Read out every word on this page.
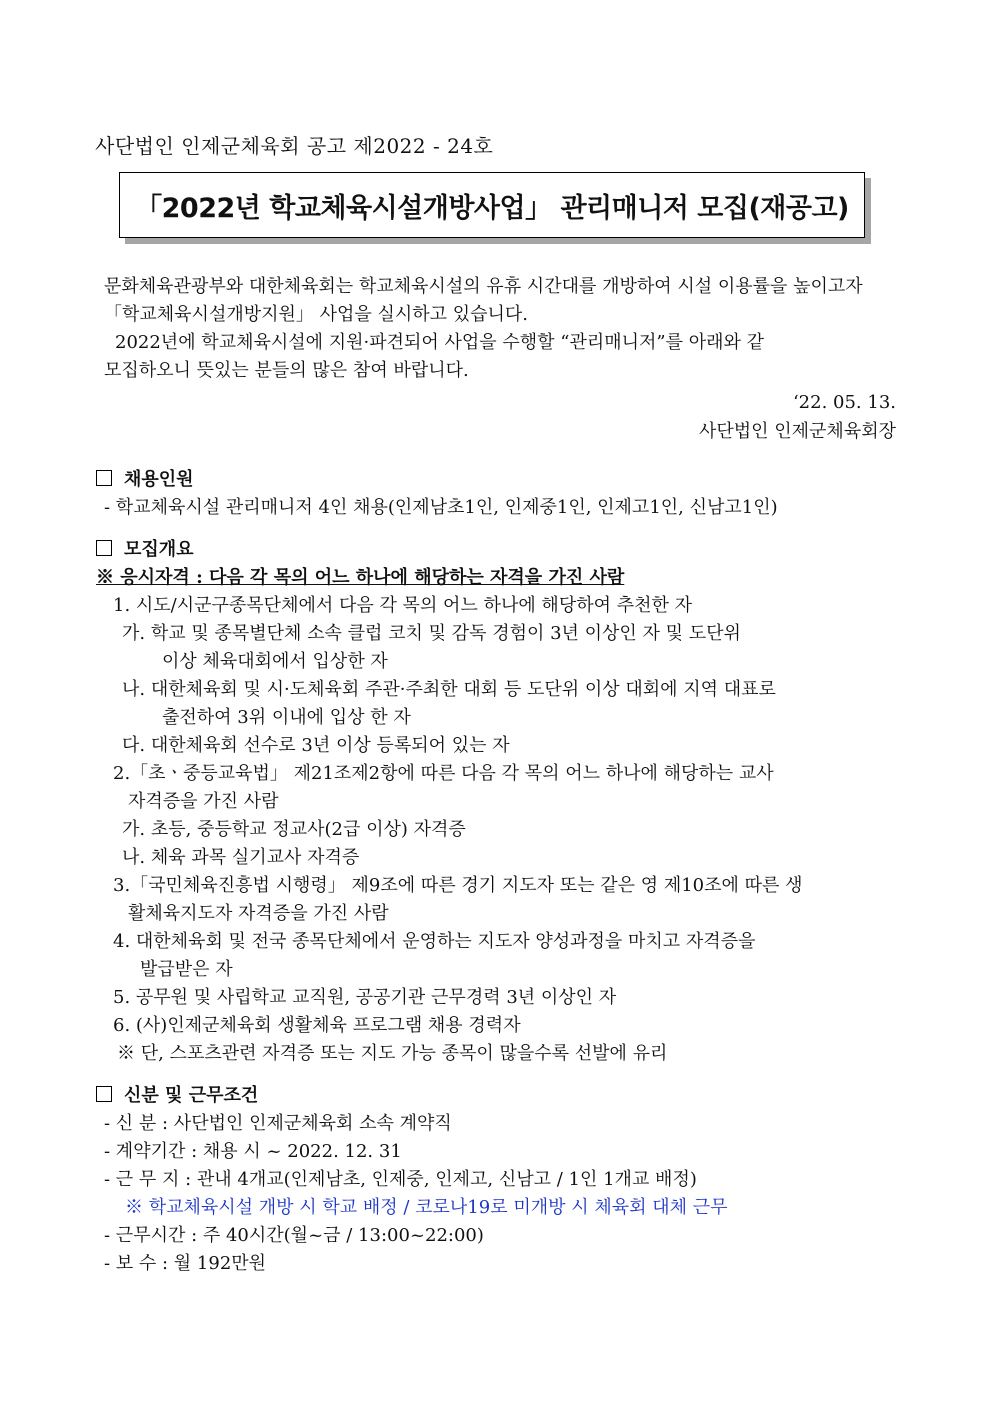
사단법인 인제군체육회 공고 제2022 - 24호
「2022년 학교체육시설개방사업」 관리매니저 모집(재공고)
문화체육관광부와 대한체육회는 학교체육시설의 유휴 시간대를 개방하여 시설 이용률을 높이고자
「학교체육시설개방지원」 사업을 실시하고 있습니다.
2022년에 학교체육시설에 지원·파견되어 사업을 수행할 “관리매니저”를 아래와 같
모집하오니 뜻있는 분들의 많은 참여 바랍니다.
‘22. 05. 13.
사단법인 인제군체육회장
채용인원
- 학교체육시설 관리매니저 4인 채용(인제남초1인, 인제중1인, 인제고1인, 신남고1인)
모집개요
※ 응시자격 : 다음 각 목의 어느 하나에 해당하는 자격을 가진 사람
1. 시도/시군구종목단체에서 다음 각 목의 어느 하나에 해당하여 추천한 자
가. 학교 및 종목별단체 소속 클럽 코치 및 감독 경험이 3년 이상인 자 및 도단위
이상 체육대회에서 입상한 자
나. 대한체육회 및 시·도체육회 주관·주최한 대회 등 도단위 이상 대회에 지역 대표로
출전하여 3위 이내에 입상 한 자
다. 대한체육회 선수로 3년 이상 등록되어 있는 자
2.「초ㆍ중등교육법」 제21조제2항에 따른 다음 각 목의 어느 하나에 해당하는 교사
자격증을 가진 사람
가. 초등, 중등학교 정교사(2급 이상) 자격증
나. 체육 과목 실기교사 자격증
3.「국민체육진흥법 시행령」 제9조에 따른 경기 지도자 또는 같은 영 제10조에 따른 생
활체육지도자 자격증을 가진 사람
4. 대한체육회 및 전국 종목단체에서 운영하는 지도자 양성과정을 마치고 자격증을
발급받은 자
5. 공무원 및 사립학교 교직원, 공공기관 근무경력 3년 이상인 자
6. (사)인제군체육회 생활체육 프로그램 채용 경력자
※ 단, 스포츠관련 자격증 또는 지도 가능 종목이 많을수록 선발에 유리
신분 및 근무조건
- 신 분 : 사단법인 인제군체육회 소속 계약직
- 계약기간 : 채용 시 ~ 2022. 12. 31
- 근 무 지 : 관내 4개교(인제남초, 인제중, 인제고, 신남고 / 1인 1개교 배정)
※ 학교체육시설 개방 시 학교 배정 / 코로나19로 미개방 시 체육회 대체 근무
- 근무시간 : 주 40시간(월~금 / 13:00~22:00)
- 보 수 : 월 192만원
